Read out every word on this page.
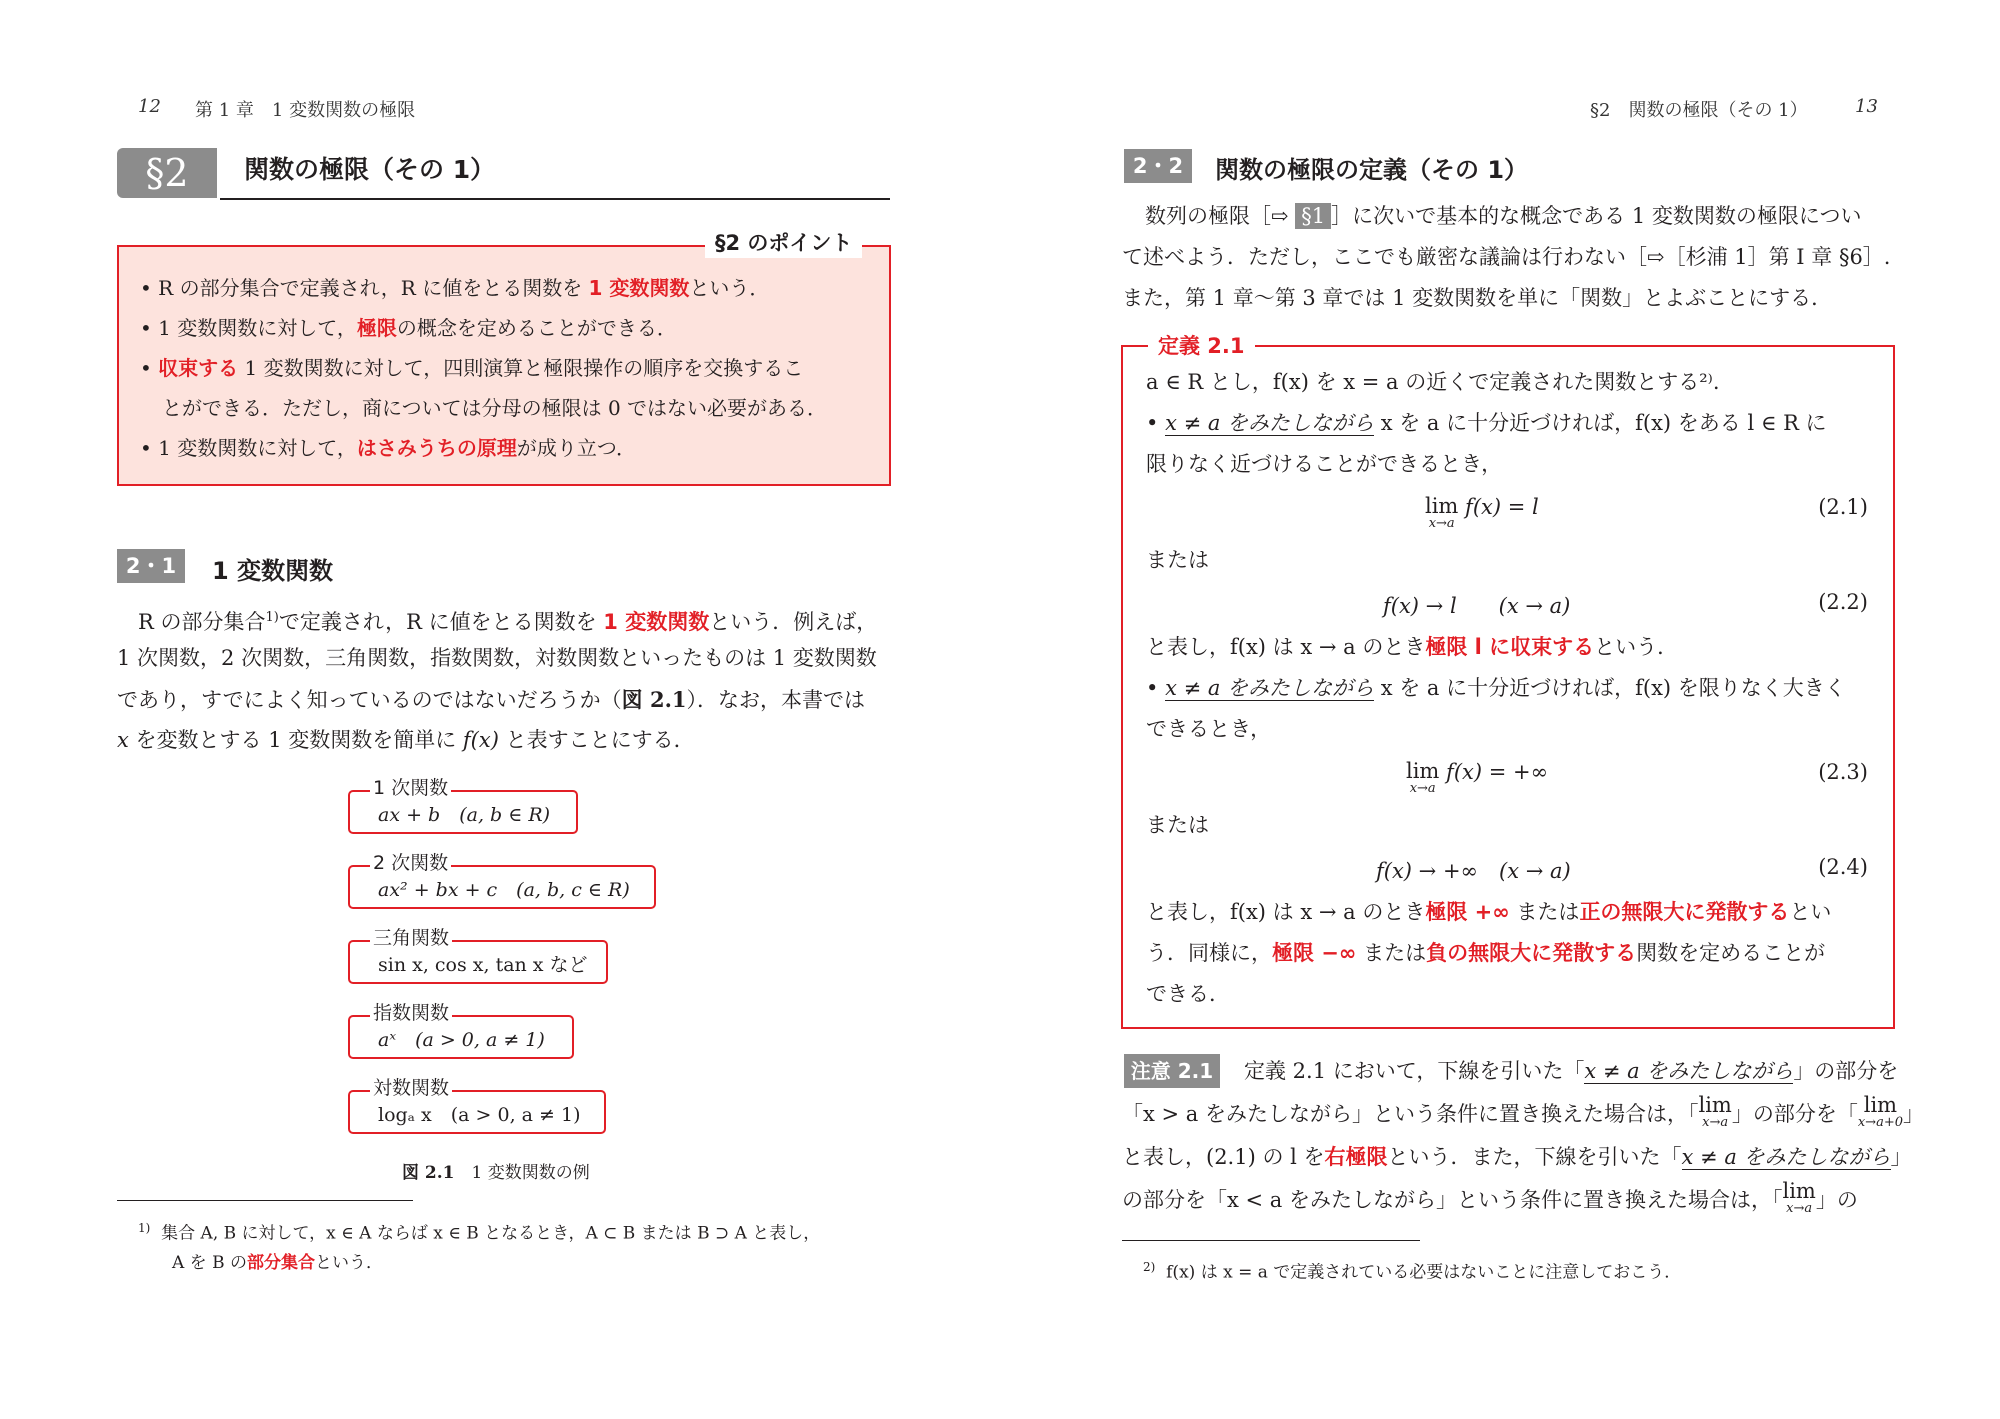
12 第 1 章　1 変数関数の極限
§2	関数の極限（その 1）
§2 のポイント
• R の部分集合で定義され，R に値をとる関数を 1 変数関数という．
• 1 変数関数に対して，極限の概念を定めることができる．
• 収束する 1 変数関数に対して，四則演算と極限操作の順序を交換するこ
とができる．ただし，商については分母の極限は 0 ではない必要がある．
• 1 変数関数に対して，はさみうちの原理が成り立つ．
2・1	1 変数関数
R の部分集合$^{1)}$で定義され，R に値をとる関数を 1 変数関数という．例えば，
1 次関数，2 次関数，三角関数，指数関数，対数関数といったものは 1 変数関数
であり，すでによく知っているのではないだろうか（図 2.1）．なお，本書では
x を変数とする 1 変数関数を簡単に f(x) と表すことにする．
1 次関数
ax + b　(a, b ∈ R)
2 次関数
ax² + bx + c　(a, b, c ∈ R)
三角関数
sin x, cos x, tan x など
指数関数
aˣ　(a > 0, a ≠ 1)
対数関数
logₐ x　(a > 0, a ≠ 1)
図 2.1　1 変数関数の例
$^{1)}$ 集合 A, B に対して，x ∈ A ならば x ∈ B となるとき，A ⊂ B または B ⊃ A と表し，
A を B の部分集合という．
§2　関数の極限（その 1）	13
2・2	関数の極限の定義（その 1）
数列の極限［⇨ §1 ］に次いで基本的な概念である 1 変数関数の極限につい
て述べよう．ただし，ここでも厳密な議論は行わない［⇨［杉浦 1］第 I 章 §6］.
また，第 1 章〜第 3 章では 1 変数関数を単に「関数」とよぶことにする．
定義 2.1
a ∈ R とし，f(x) を x = a の近くで定義された関数とする²⁾.
• x ≠ a をみたしながら x を a に十分近づければ，f(x) をある l ∈ R に
限りなく近づけることができるとき，
lim
x→a
f(x) = l	(2.1)
または
f(x) → l　　(x → a)	(2.2)
と表し，f(x) は x → a のとき極限 l に収束するという．
• x ≠ a をみたしながら x を a に十分近づければ，f(x) を限りなく大きく
できるとき，
lim
x→a
f(x) = +∞	(2.3)
または
f(x) → +∞　(x → a)	(2.4)
と表し，f(x) は x → a のとき極限 +∞ または正の無限大に発散するとい
う．同様に，極限 −∞ または負の無限大に発散する関数を定めることが
できる．
注意 2.1	定義 2.1 において，下線を引いた「x ≠ a をみたしながら」の部分を
「x > a をみたしながら」という条件に置き換えた場合は，「lim
x→a 」の部分を「 lim
x→a+0 」
と表し，(2.1) の l を右極限という．また，下線を引いた「x ≠ a をみたしながら」
の部分を「x < a をみたしながら」という条件に置き換えた場合は，「lim
x→a 」の
$^{2)}$ f(x) は x = a で定義されている必要はないことに注意しておこう．
